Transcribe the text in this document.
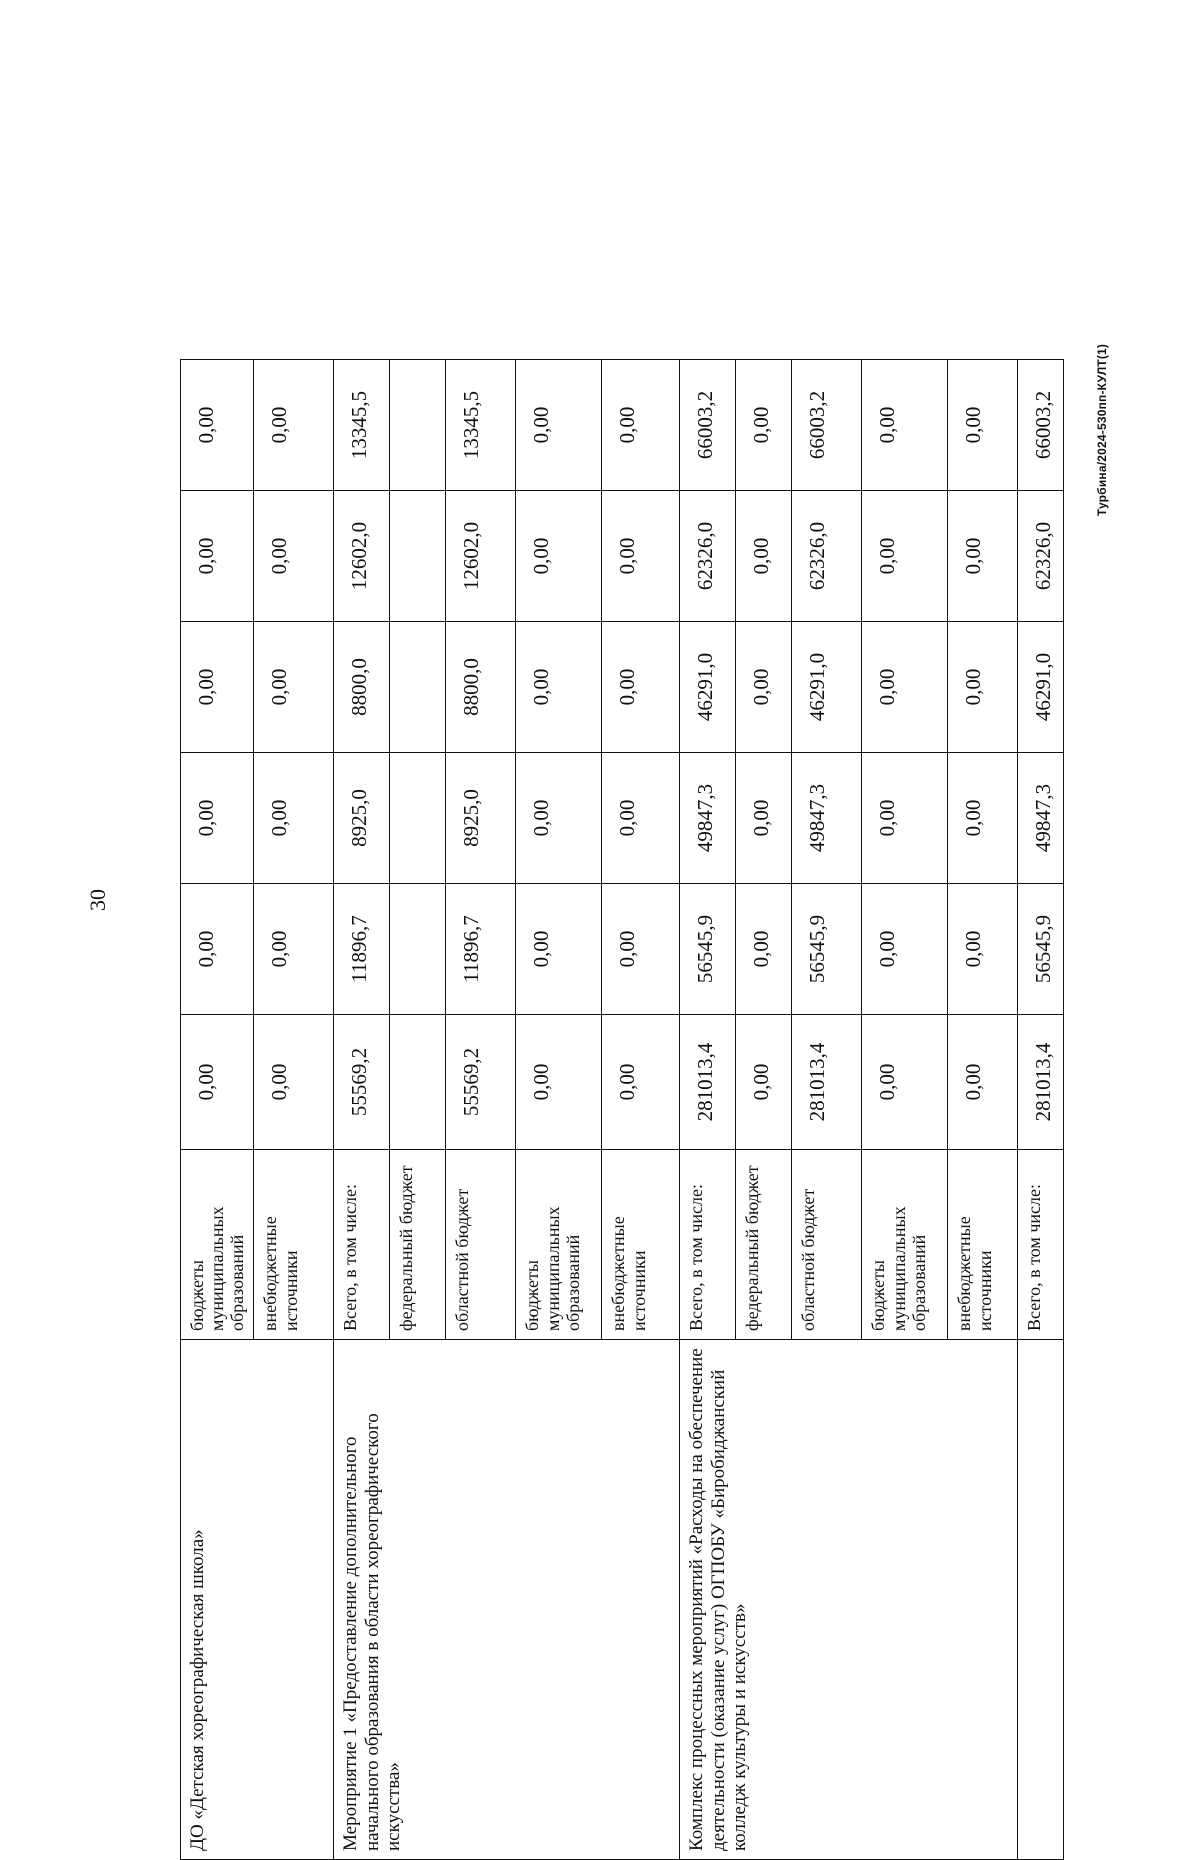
30
Турбина/2024-530пп-КУЛТ(1)
ДО «Детская хореографическая школа»	бюджеты муниципальных образований	0,00	0,00	0,00	0,00	0,00	0,00
	внебюджетные источники	0,00	0,00	0,00	0,00	0,00	0,00
Мероприятие 1 «Предоставление дополнительного начального образования в области хореографического искусства»	Всего, в том числе:	55569,2	11896,7	8925,0	8800,0	12602,0	13345,5
	федеральный бюджет						
	областной бюджет	55569,2	11896,7	8925,0	8800,0	12602,0	13345,5
	бюджеты муниципальных образований	0,00	0,00	0,00	0,00	0,00	0,00
	внебюджетные источники	0,00	0,00	0,00	0,00	0,00	0,00
Комплекс процессных мероприятий «Расходы на обеспечение деятельности (оказание услуг) ОГПОБУ «Биробиджанский колледж культуры и искусств»	Всего, в том числе:	281013,4	56545,9	49847,3	46291,0	62326,0	66003,2
	федеральный бюджет	0,00	0,00	0,00	0,00	0,00	0,00
	областной бюджет	281013,4	56545,9	49847,3	46291,0	62326,0	66003,2
	бюджеты муниципальных образований	0,00	0,00	0,00	0,00	0,00	0,00
	внебюджетные источники	0,00	0,00	0,00	0,00	0,00	0,00
	Всего, в том числе:	281013,4	56545,9	49847,3	46291,0	62326,0	66003,2
